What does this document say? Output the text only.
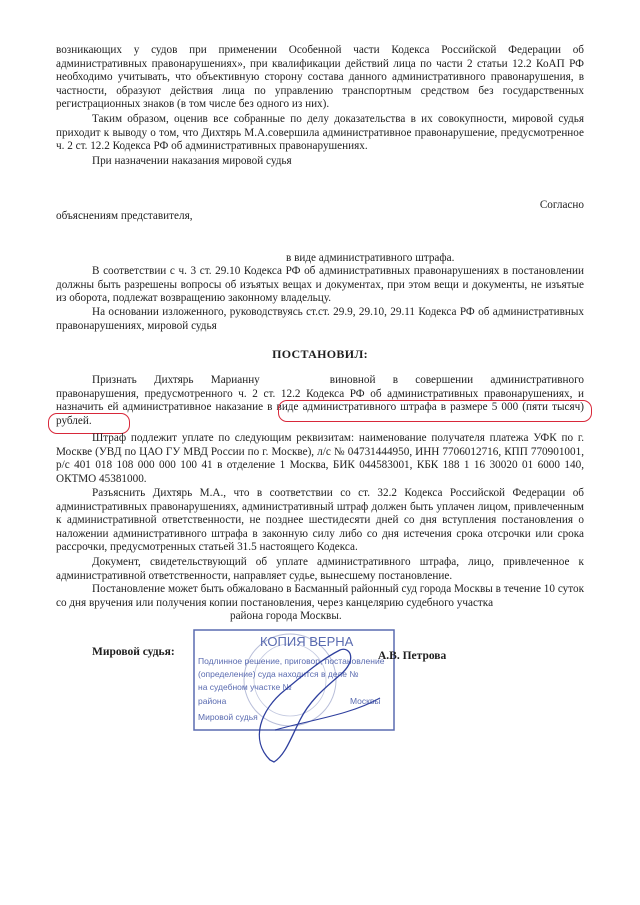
возникающих у судов при применении Особенной части Кодекса Российской Федерации об административных правонарушениях», при квалификации действий лица по части 2 статьи 12.2 КоАП РФ необходимо учитывать, что объективную сторону состава данного административного правонарушения, в частности, образуют действия лица по управлению транспортным средством без государственных регистрационных знаков (в том числе без одного из них).

Таким образом, оценив все собранные по делу доказательства в их совокупности, мировой судья приходит к выводу о том, что Дихтярь М.А.совершила административное правонарушение, предусмотренное ч. 2 ст. 12.2 Кодекса РФ об административных правонарушениях.

При назначении наказания мировой судья

Согласно

объяснениям представителя,

в виде административного штрафа.

В соответствии с ч. 3 ст. 29.10 Кодекса РФ об административных правонарушениях в постановлении должны быть разрешены вопросы об изъятых вещах и документах, при этом вещи и документы, не изъятые из оборота, подлежат возвращению законному владельцу.

На основании изложенного, руководствуясь ст.ст. 29.9, 29.10, 29.11 Кодекса РФ об административных правонарушениях, мировой судья

ПОСТАНОВИЛ:

Признать Дихтярь Марианну	виновной в совершении административного правонарушения, предусмотренного ч. 2 ст. 12.2 Кодекса РФ об административных правонарушениях, и назначить ей административное наказание в виде административного штрафа в размере 5 000 (пяти тысяч) рублей.

Штраф подлежит уплате по следующим реквизитам: наименование получателя платежа УФК по г. Москве (УВД по ЦАО ГУ МВД России по г. Москве), л/с № 04731444950, ИНН 7706012716, КПП 770901001, р/с 401 018 108 000 000 100 41 в отделение 1 Москва, БИК 044583001, КБК 188 1 16 30020 01 6000 140, ОКТМО 45381000.

Разъяснить Дихтярь М.А., что в соответствии со ст. 32.2 Кодекса Российской Федерации об административных правонарушениях, административный штраф должен быть уплачен лицом, привлеченным к административной ответственности, не позднее шестидесяти дней со дня вступления постановления о наложении административного штрафа в законную силу либо со дня истечения срока отсрочки или срока рассрочки, предусмотренных статьей 31.5 настоящего Кодекса.

Документ, свидетельствующий об уплате административного штрафа, лицо, привлеченное к административной ответственности, направляет судье, вынесшему постановление.

Постановление может быть обжаловано в Басманный районный суд города Москвы в течение 10 суток со дня вручения или получения копии постановления, через канцелярию судебного участка

района города Москвы.

Мировой судья:
КОПИЯ ВЕРНА
Подлинное решение, приговор, постановление
(определение) суда находится в деле №
на судебном участке №
района	Москвы
Мировой судья
А.В. Петрова
